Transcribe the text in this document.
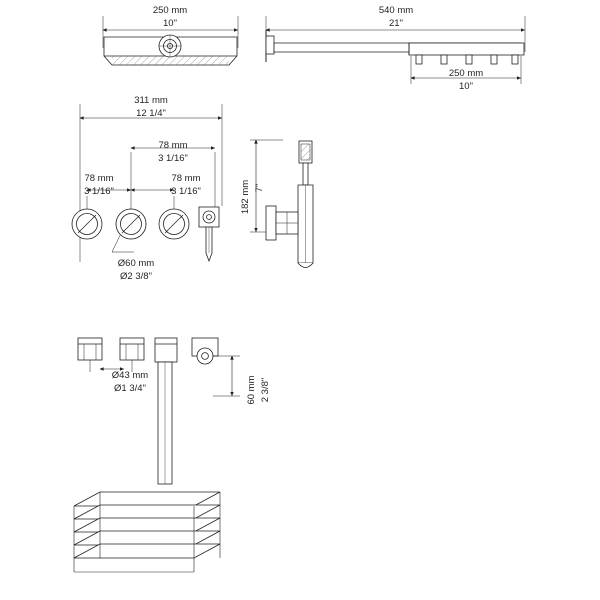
250 mm
10"
540 mm
21"
250 mm
10"
311 mm
12 1/4"
78 mm
3 1/16"
78 mm
3 1/16"
78 mm
3 1/16"
Ø60 mm
Ø2 3/8"
182 mm 7"
Ø43 mm
Ø1 3/4"	60 mm 2 3/8"
